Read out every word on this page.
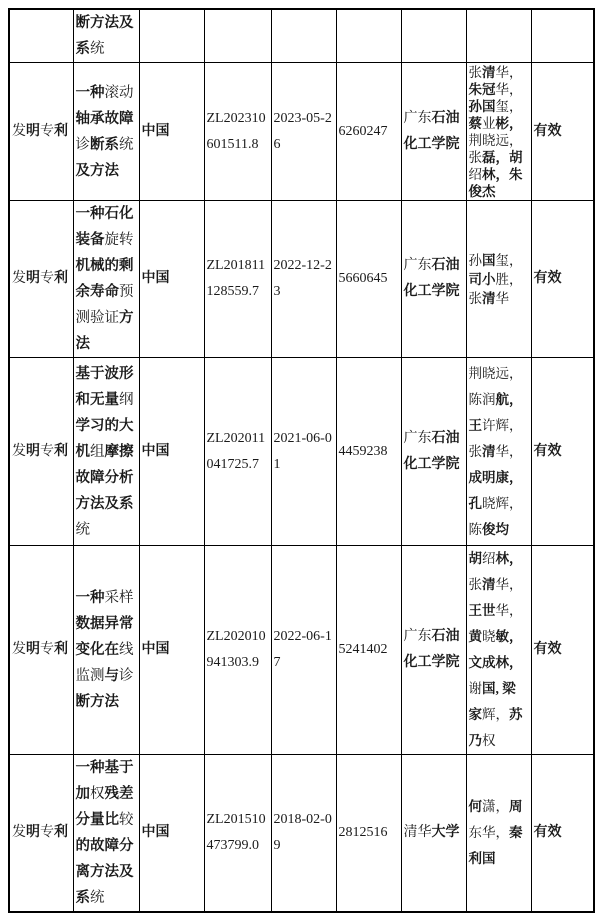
	断方法及系统							
发明专利	一种滚动轴承故障诊断系统及方法	中国	ZL202310601511.8	2023-05-26	6260247	广东石油化工学院	张清华，朱冠华，孙国玺，蔡业彬，荆晓远，张磊，胡绍林，朱俊杰	有效
发明专利	一种石化装备旋转机械的剩余寿命预测验证方法	中国	ZL201811128559.7	2022-12-23	5660645	广东石油化工学院	孙国玺，司小胜，张清华	有效
发明专利	基于波形和无量纲学习的大机组摩擦故障分析方法及系统	中国	ZL202011041725.7	2021-06-01	4459238	广东石油化工学院	荆晓远，陈润航，王许辉，张清华，成明康，孔晓辉，陈俊均	有效
发明专利	一种采样数据异常变化在线监测与诊断方法	中国	ZL202010941303.9	2022-06-17	5241402	广东石油化工学院	胡绍林，张清华，王世华，黄晓敏，文成林，谢国, 梁家辉，苏乃权	有效
发明专利	一种基于加权残差分量比较的故障分离方法及系统	中国	ZL201510473799.0	2018-02-09	2812516	清华大学	何潇，周东华，秦利国	有效
